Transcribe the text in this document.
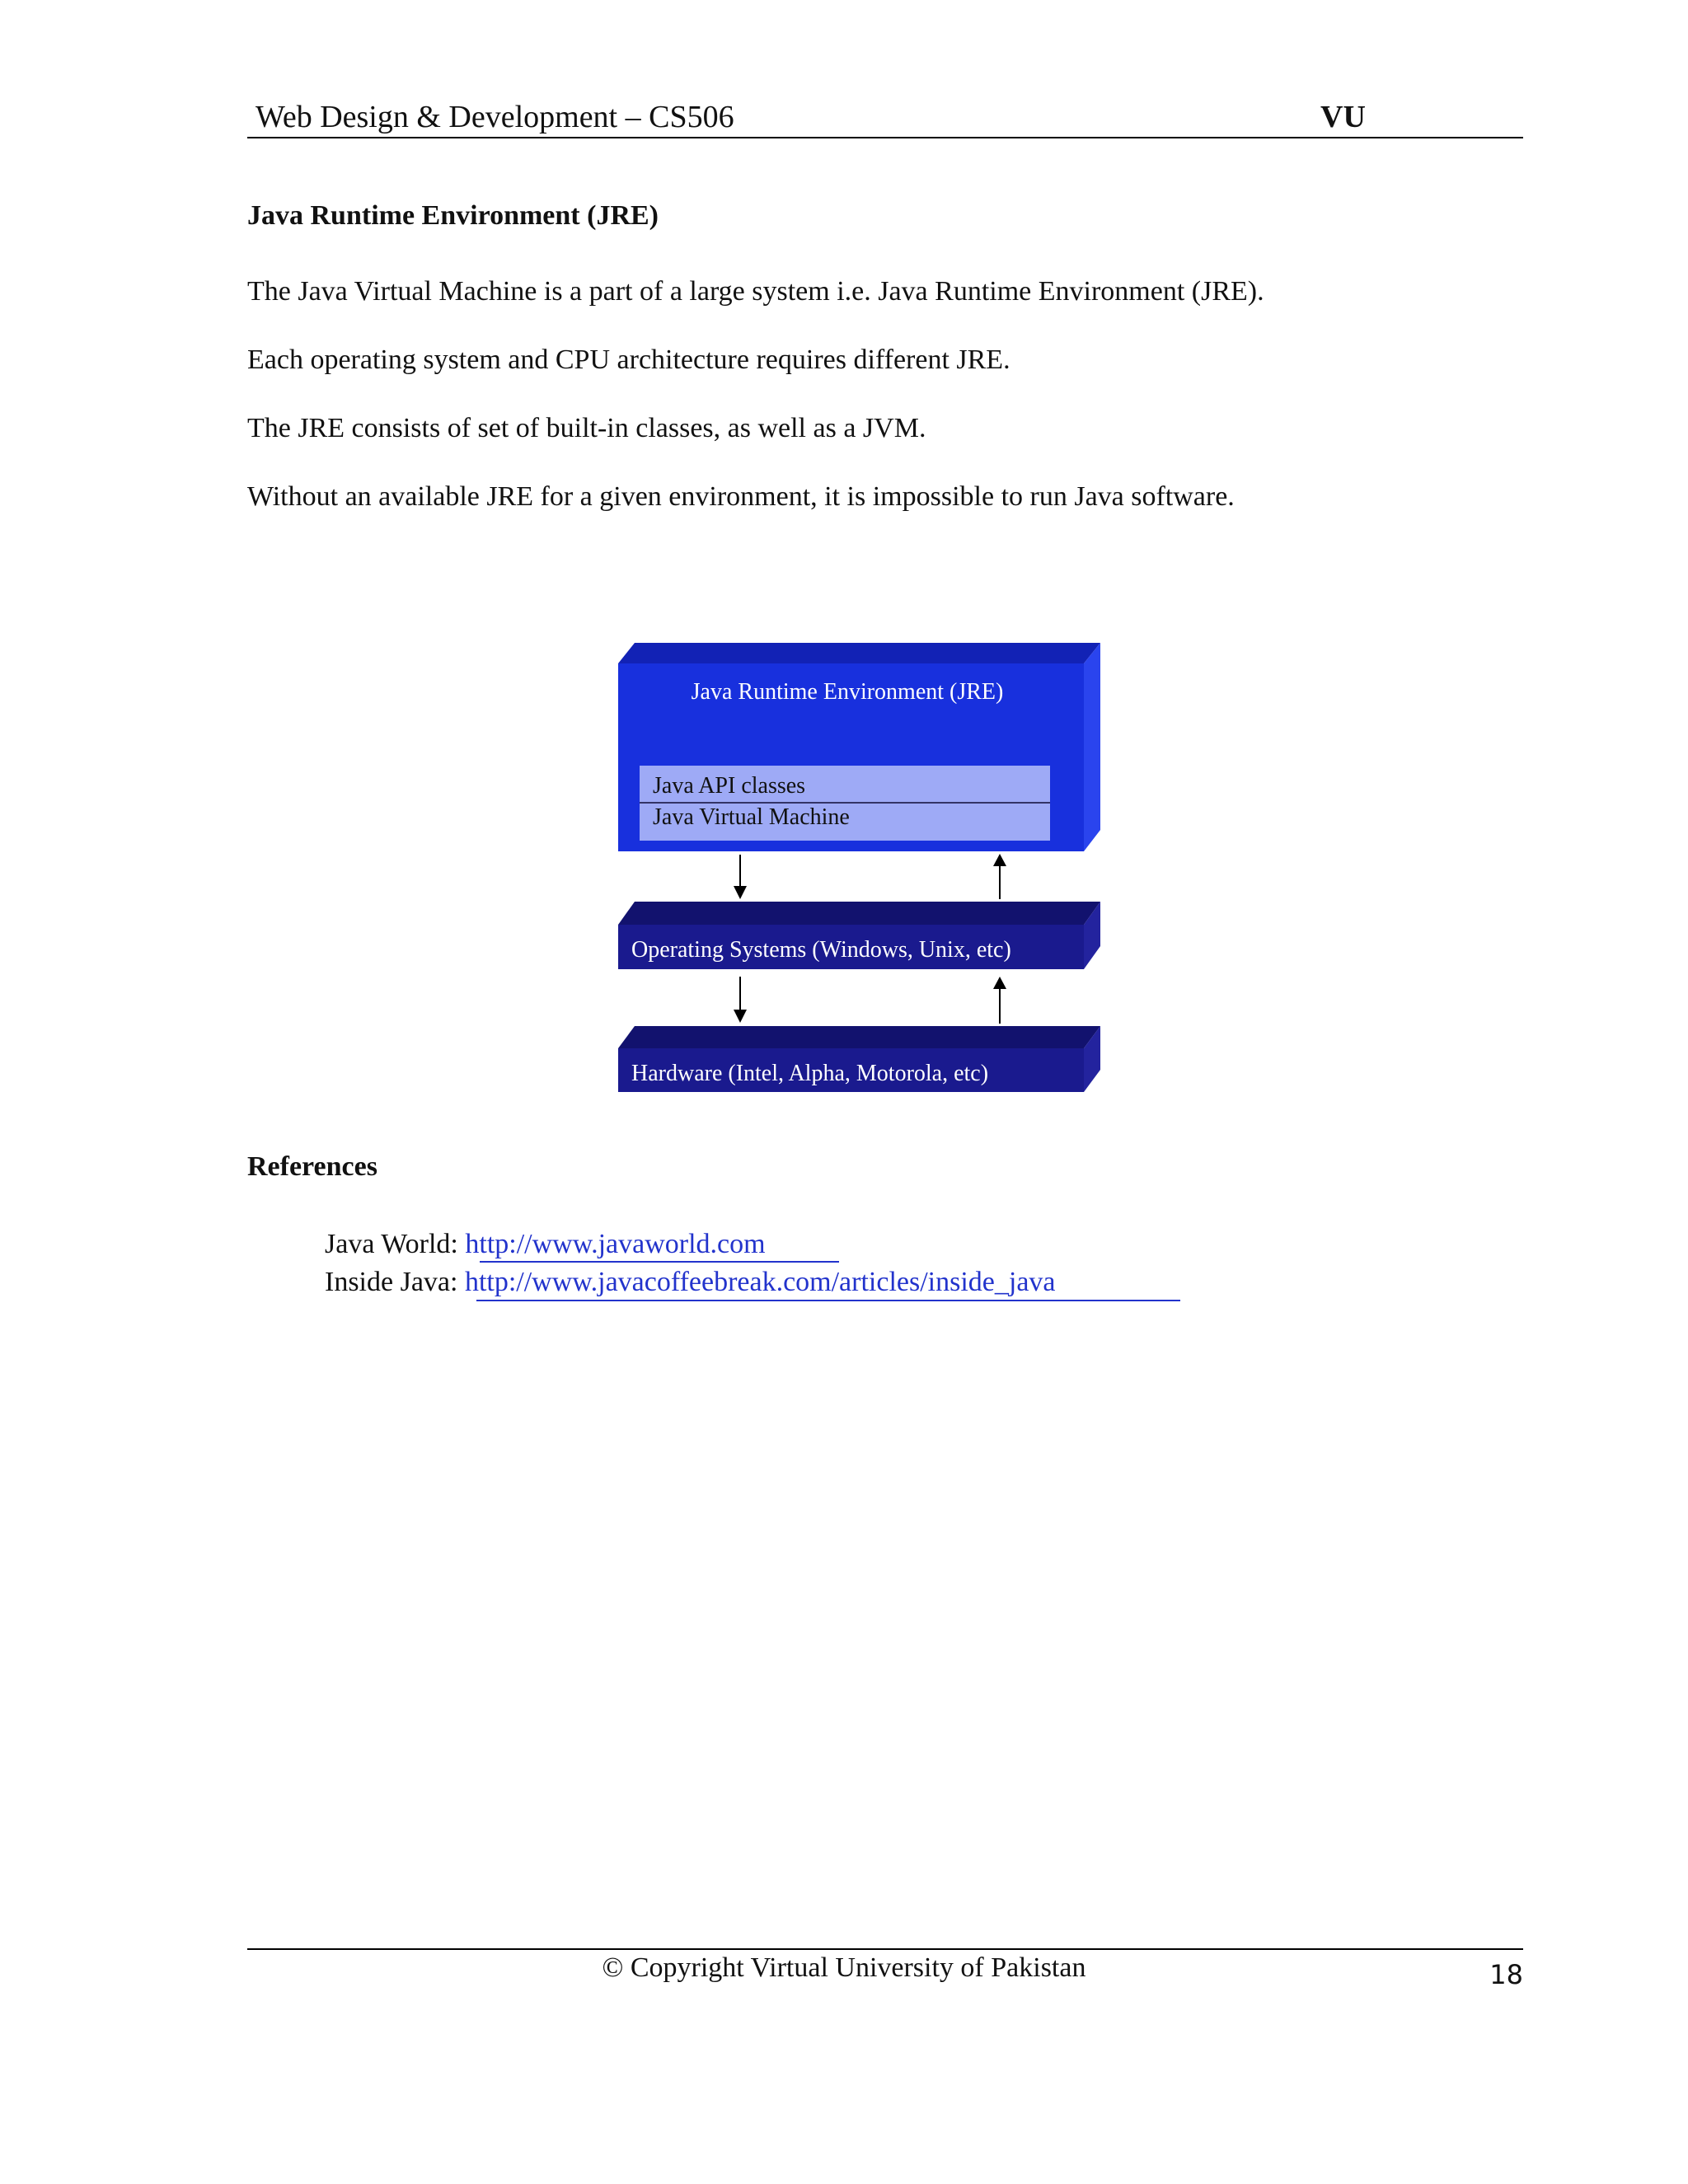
Web Design & Development – CS506	VU
Java Runtime Environment (JRE)
The Java Virtual Machine is a part of a large system i.e. Java Runtime Environment (JRE).
Each operating system and CPU architecture requires different JRE.
The JRE consists of set of built-in classes, as well as a JVM.
Without an available JRE for a given environment, it is impossible to run Java software.
Java Runtime Environment (JRE)
Java API classes
Java Virtual Machine
Operating Systems (Windows, Unix, etc)
Hardware (Intel, Alpha, Motorola, etc)
References
Java World: http://www.javaworld.com
Inside Java: http://www.javacoffeebreak.com/articles/inside_java
© Copyright Virtual University of Pakistan	18
